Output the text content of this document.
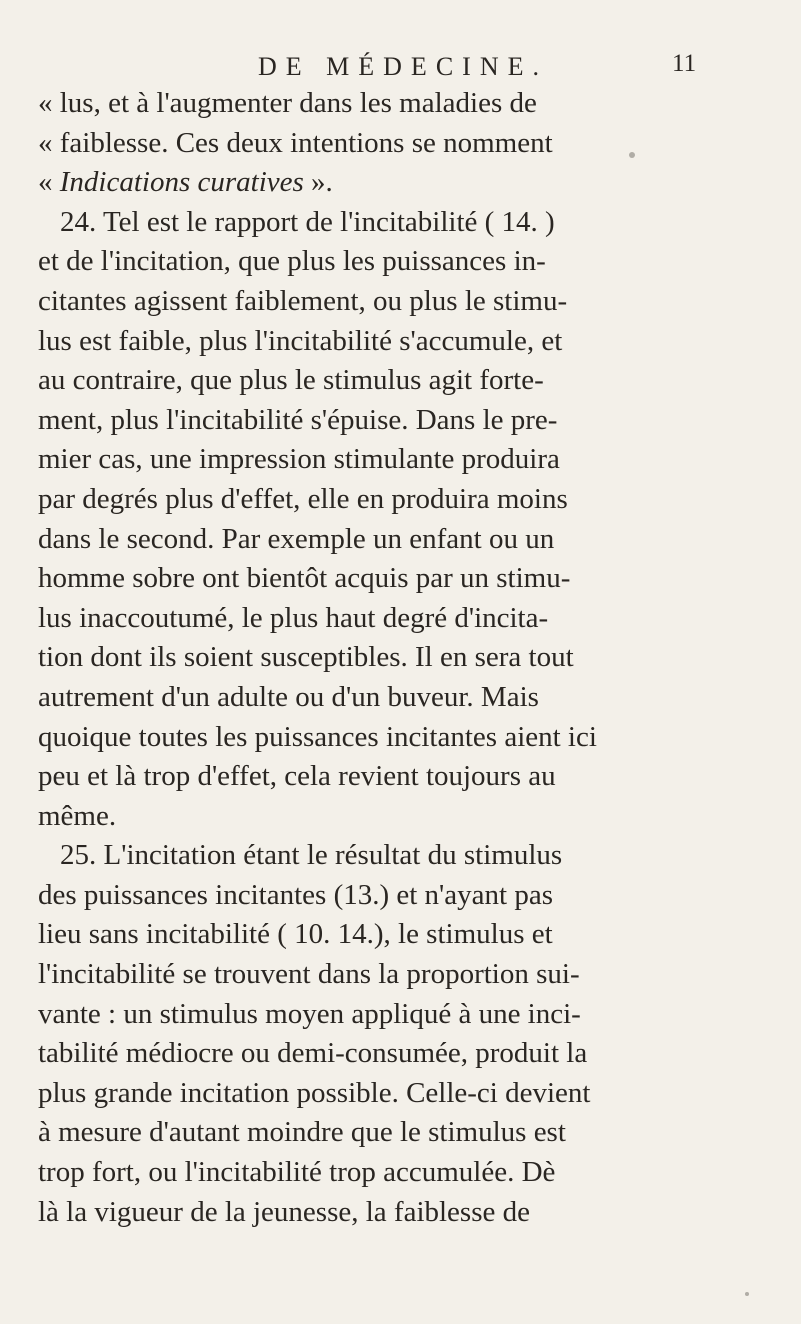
DE MÉDECINE.	11
« lus, et à l'augmenter dans les maladies de
« faiblesse. Ces deux intentions se nomment
« Indications curatives ».
24. Tel est le rapport de l'incitabilité ( 14. )
et de l'incitation, que plus les puissances in-
citantes agissent faiblement, ou plus le stimu-
lus est faible, plus l'incitabilité s'accumule, et
au contraire, que plus le stimulus agit forte-
ment, plus l'incitabilité s'épuise. Dans le pre-
mier cas, une impression stimulante produira
par degrés plus d'effet, elle en produira moins
dans le second. Par exemple un enfant ou un
homme sobre ont bientôt acquis par un stimu-
lus inaccoutumé, le plus haut degré d'incita-
tion dont ils soient susceptibles. Il en sera tout
autrement d'un adulte ou d'un buveur. Mais
quoique toutes les puissances incitantes aient ici
peu et là trop d'effet, cela revient toujours au
même.
25. L'incitation étant le résultat du stimulus
des puissances incitantes (13.) et n'ayant pas
lieu sans incitabilité ( 10. 14.), le stimulus et
l'incitabilité se trouvent dans la proportion sui-
vante : un stimulus moyen appliqué à une inci-
tabilité médiocre ou demi-consumée, produit la
plus grande incitation possible. Celle-ci devient
à mesure d'autant moindre que le stimulus est
trop fort, ou l'incitabilité trop accumulée. Dè
là la vigueur de la jeunesse, la faiblesse de
